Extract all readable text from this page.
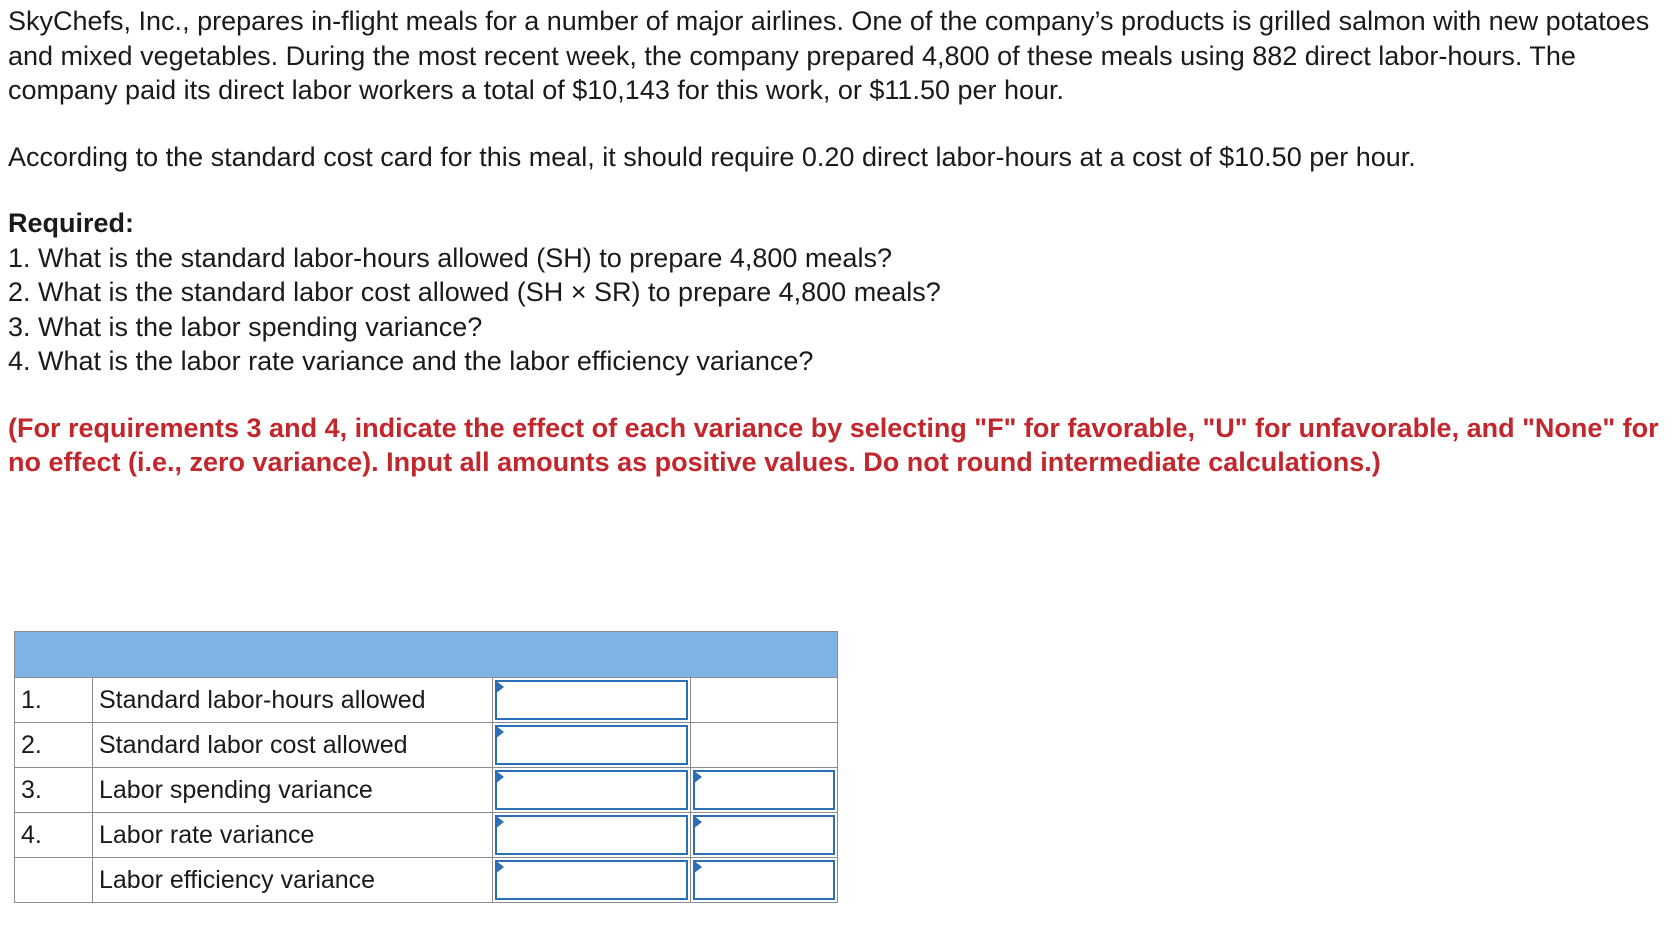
SkyChefs, Inc., prepares in-flight meals for a number of major airlines. One of the company’s products is grilled salmon with new potatoes and mixed vegetables. During the most recent week, the company prepared 4,800 of these meals using 882 direct labor-hours. The company paid its direct labor workers a total of $10,143 for this work, or $11.50 per hour.

According to the standard cost card for this meal, it should require 0.20 direct labor-hours at a cost of $10.50 per hour.

Required:
1. What is the standard labor-hours allowed (SH) to prepare 4,800 meals?
2. What is the standard labor cost allowed (SH × SR) to prepare 4,800 meals?
3. What is the labor spending variance?
4. What is the labor rate variance and the labor efficiency variance?
(For requirements 3 and 4, indicate the effect of each variance by selecting "F" for favorable, "U" for unfavorable, and "None" for no effect (i.e., zero variance). Input all amounts as positive values. Do not round intermediate calculations.)

1.	Standard labor-hours allowed	

2.	Standard labor cost allowed	

3.	Labor spending variance	

4.	Labor rate variance	

	Labor efficiency variance	
